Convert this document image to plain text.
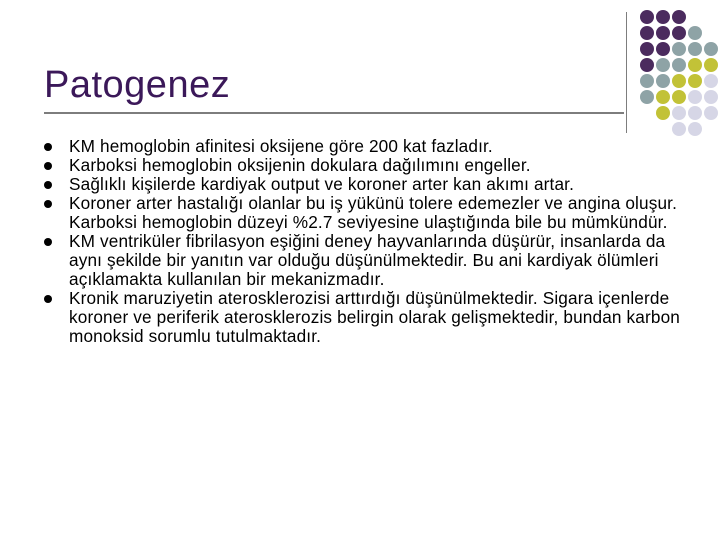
Patogenez
KM hemoglobin afinitesi oksijene göre 200 kat fazladır.
Karboksi hemoglobin oksijenin dokulara dağılımını engeller.
Sağlıklı kişilerde kardiyak output ve koroner arter kan akımı artar.
Koroner arter hastalığı olanlar bu iş yükünü tolere edemezler ve angina oluşur. Karboksi hemoglobin düzeyi %2.7 seviyesine ulaştığında bile bu mümkündür.
KM ventriküler fibrilasyon eşiğini deney hayvanlarında düşürür, insanlarda da aynı şekilde bir yanıtın var olduğu düşünülmektedir. Bu ani kardiyak ölümleri açıklamakta kullanılan bir mekanizmadır.
Kronik maruziyetin aterosklerozisi arttırdığı düşünülmektedir. Sigara içenlerde koroner ve periferik aterosklerozis belirgin olarak gelişmektedir, bundan karbon monoksid sorumlu tutulmaktadır.
